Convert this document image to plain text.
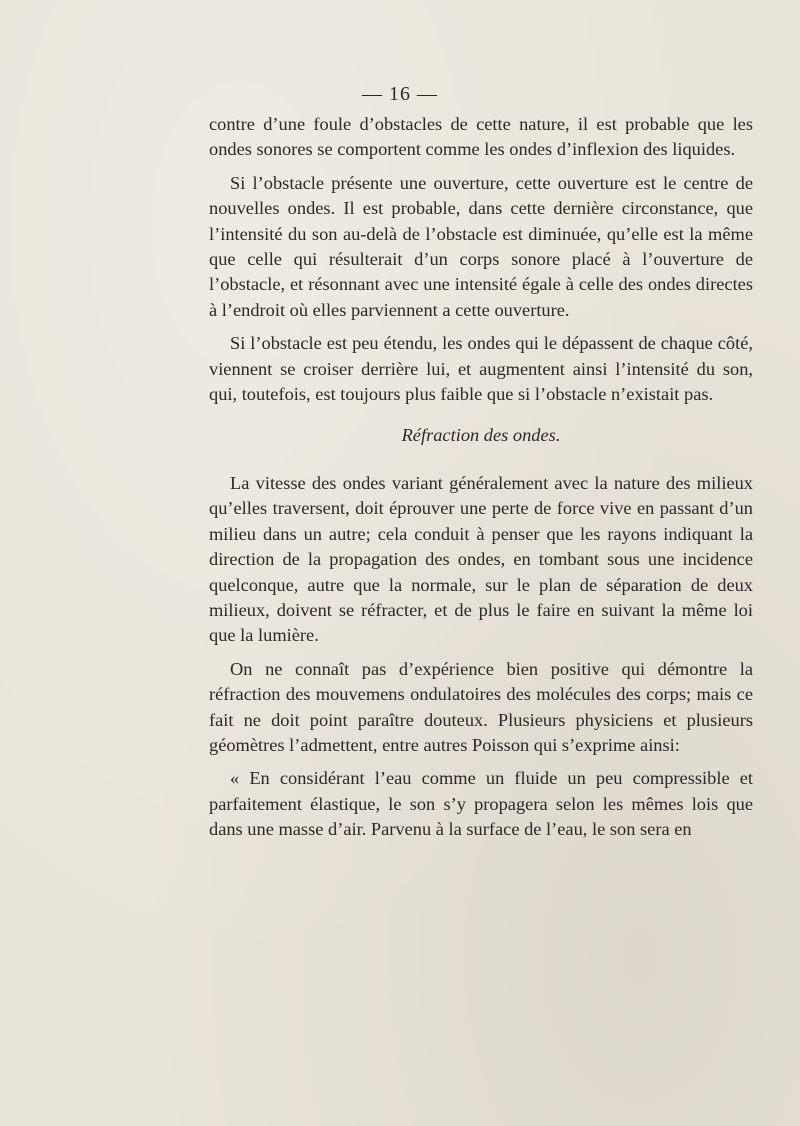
— 16 —

contre d’une foule d’obstacles de cette nature, il est probable que les ondes sonores se comportent comme les ondes d’inflexion des liquides.

Si l’obstacle présente une ouverture, cette ouverture est le centre de nouvelles ondes. Il est probable, dans cette dernière circonstance, que l’intensité du son au-delà de l’obstacle est diminuée, qu’elle est la même que celle qui résulterait d’un corps sonore placé à l’ouverture de l’obstacle, et résonnant avec une intensité égale à celle des ondes directes à l’endroit où elles parviennent a cette ouverture.

Si l’obstacle est peu étendu, les ondes qui le dépassent de chaque côté, viennent se croiser derrière lui, et augmentent ainsi l’intensité du son, qui, toutefois, est toujours plus faible que si l’obstacle n’existait pas.

Réfraction des ondes.

La vitesse des ondes variant généralement avec la nature des milieux qu’elles traversent, doit éprouver une perte de force vive en passant d’un milieu dans un autre; cela conduit à penser que les rayons indiquant la direction de la propagation des ondes, en tombant sous une incidence quelconque, autre que la normale, sur le plan de séparation de deux milieux, doivent se réfracter, et de plus le faire en suivant la même loi que la lumière.

On ne connaît pas d’expérience bien positive qui démontre la réfraction des mouvemens ondulatoires des molécules des corps; mais ce fait ne doit point paraître douteux. Plusieurs physiciens et plusieurs géomètres l’admettent, entre autres Poisson qui s’exprime ainsi:

« En considérant l’eau comme un fluide un peu compressible et parfaitement élastique, le son s’y propagera selon les mêmes lois que dans une masse d’air. Parvenu à la surface de l’eau, le son sera en
